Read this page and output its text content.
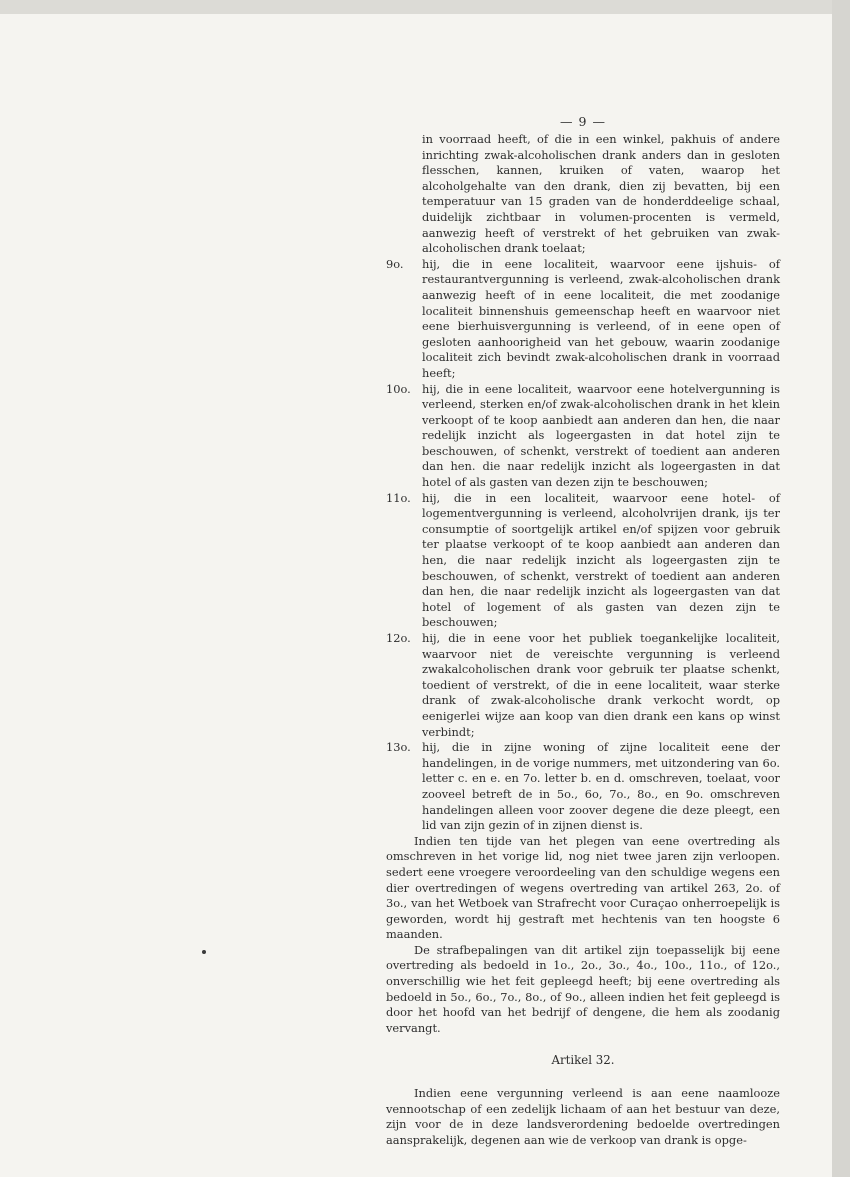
— 9 —

in voorraad heeft, of die in een winkel, pakhuis of andere inrichting zwak-alcoholischen drank anders dan in gesloten flesschen, kannen, kruiken of vaten, waarop het alcoholgehalte van den drank, dien zij bevatten, bij een temperatuur van 15 graden van de honderddeelige schaal, duidelijk zichtbaar in volumen-procenten is vermeld, aanwezig heeft of verstrekt of het gebruiken van zwak-alcoholischen drank toelaat;

9o.	hij, die in eene localiteit, waarvoor eene ijshuis- of restaurantvergunning is verleend, zwak-alcoholischen drank aanwezig heeft of in eene localiteit, die met zoodanige localiteit binnenshuis gemeenschap heeft en waarvoor niet eene bierhuisvergunning is verleend, of in eene open of gesloten aanhoorigheid van het gebouw, waarin zoodanige localiteit zich bevindt zwak-alcoholischen drank in voorraad heeft;
10o. hij, die in eene localiteit, waarvoor eene hotelvergunning is verleend, sterken en/of zwak-alcoholischen drank in het klein verkoopt of te koop aanbiedt aan anderen dan hen, die naar redelijk inzicht als logeergasten in dat hotel zijn te beschouwen, of schenkt, verstrekt of toedient aan anderen dan hen. die naar redelijk inzicht als logeergasten in dat hotel of als gasten van dezen zijn te beschouwen;
11o. hij, die in een localiteit, waarvoor eene hotel- of logementvergunning is verleend, alcoholvrijen drank, ijs ter consumptie of soortgelijk artikel en/of spijzen voor gebruik ter plaatse verkoopt of te koop aanbiedt aan anderen dan hen, die naar redelijk inzicht als logeergasten zijn te beschouwen, of schenkt, verstrekt of toedient aan anderen dan hen, die naar redelijk inzicht als logeergasten van dat hotel of logement of als gasten van dezen zijn te beschouwen;
12o. hij, die in eene voor het publiek toegankelijke localiteit, waarvoor niet de vereischte vergunning is verleend zwakalcoholischen drank voor gebruik ter plaatse schenkt, toedient of verstrekt, of die in eene localiteit, waar sterke drank of zwak-alcoholische drank verkocht wordt, op eenigerlei wijze aan koop van dien drank een kans op winst verbindt;
13o. hij, die in zijne woning of zijne localiteit eene der handelingen, in de vorige nummers, met uitzondering van 6o. letter c. en e. en 7o. letter b. en d. omschreven, toelaat, voor zooveel betreft de in 5o., 6o, 7o., 8o., en 9o. omschreven handelingen alleen voor zoover degene die deze pleegt, een lid van zijn gezin of in zijnen dienst is.

Indien ten tijde van het plegen van eene overtreding als omschreven in het vorige lid, nog niet twee jaren zijn verloopen. sedert eene vroegere veroordeeling van den schuldige wegens een dier overtredingen of wegens overtreding van artikel 263, 2o. of 3o., van het Wetboek van Strafrecht voor Curaçao onherroepelijk is geworden, wordt hij gestraft met hechtenis van ten hoogste 6 maanden.

De strafbepalingen van dit artikel zijn toepasselijk bij eene overtreding als bedoeld in 1o., 2o., 3o., 4o., 10o., 11o., of 12o., onverschillig wie het feit gepleegd heeft; bij eene overtreding als bedoeld in 5o., 6o., 7o., 8o., of 9o., alleen indien het feit gepleegd is door het hoofd van het bedrijf of dengene, die hem als zoodanig vervangt.

Artikel 32.

Indien eene vergunning verleend is aan eene naamlooze vennootschap of een zedelijk lichaam of aan het bestuur van deze, zijn voor de in deze landsverordening bedoelde overtredingen aansprakelijk, degenen aan wie de verkoop van drank is opge-
